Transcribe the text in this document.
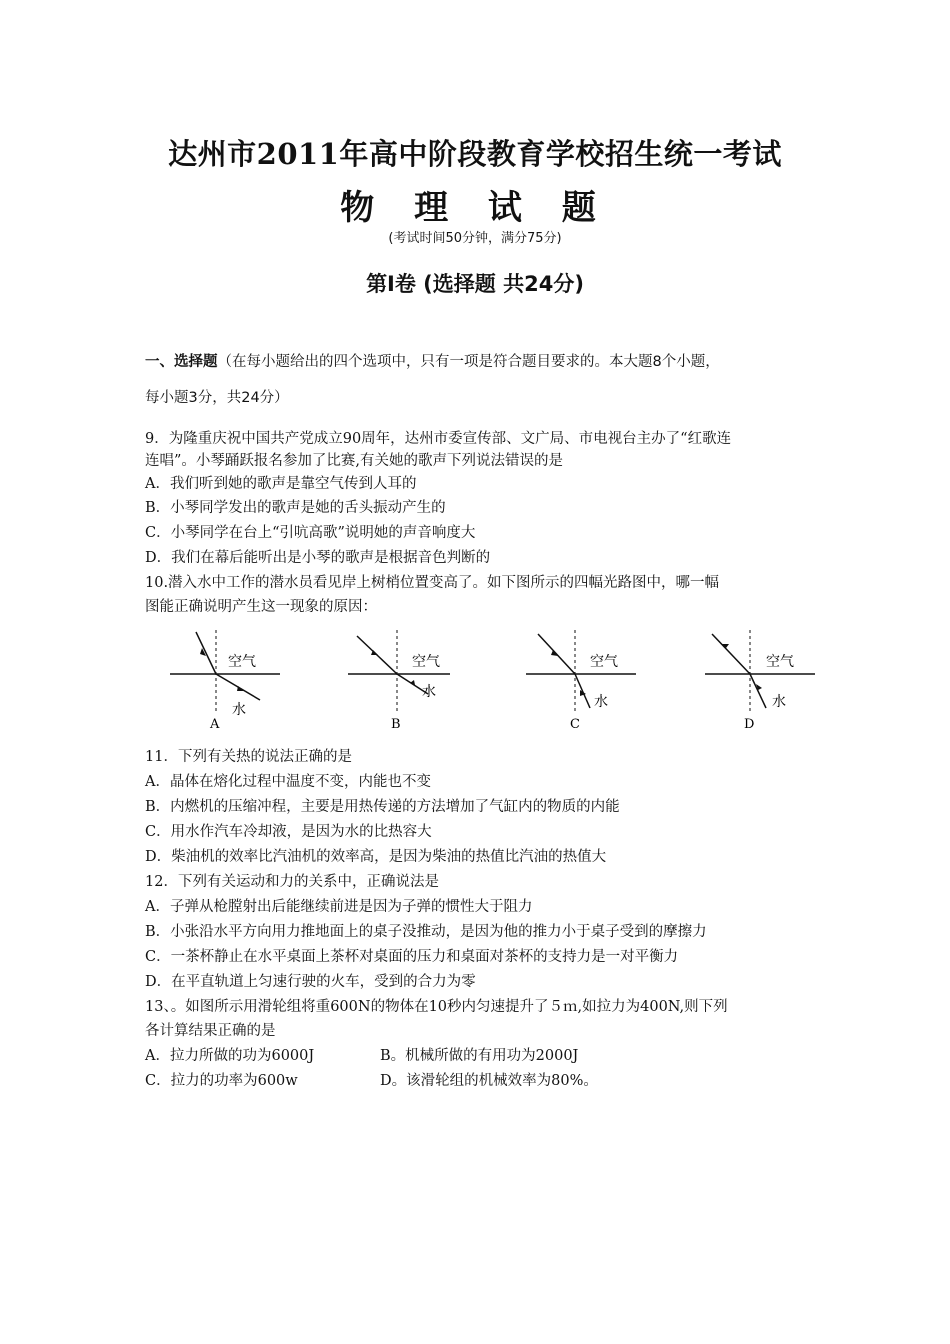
达州市2011年高中阶段教育学校招生统一考试
物 理 试 题
(考试时间50分钟，满分75分)
第Ⅰ卷 (选择题 共24分)
一、选择题（在每小题给出的四个选项中，只有一项是符合题目要求的。本大题8个小题，
每小题3分，共24分）
9．为隆重庆祝中国共产党成立90周年，达州市委宣传部、文广局、市电视台主办了“红歌连
连唱”。小琴踊跃报名参加了比赛,有关她的歌声下列说法错误的是
A．我们听到她的歌声是靠空气传到人耳的
B．小琴同学发出的歌声是她的舌头振动产生的
C．小琴同学在台上“引吭高歌”说明她的声音响度大
D．我们在幕后能听出是小琴的歌声是根据音色判断的
10.潜入水中工作的潜水员看见岸上树梢位置变高了。如下图所示的四幅光路图中，哪一幅
图能正确说明产生这一现象的原因：
空气
水
A
空气
水
B
空气
水
C
空气
水
D
11．下列有关热的说法正确的是
A．晶体在熔化过程中温度不变，内能也不变
B．内燃机的压缩冲程，主要是用热传递的方法增加了气缸内的物质的内能
C．用水作汽车冷却液，是因为水的比热容大
D．柴油机的效率比汽油机的效率高，是因为柴油的热值比汽油的热值大
12．下列有关运动和力的关系中，正确说法是
A．子弹从枪膛射出后能继续前进是因为子弹的惯性大于阻力
B．小张沿水平方向用力推地面上的桌子没推动，是因为他的推力小于桌子受到的摩擦力
C．一茶杯静止在水平桌面上茶杯对桌面的压力和桌面对茶杯的支持力是一对平衡力
D．在平直轨道上匀速行驶的火车，受到的合力为零
13、。如图所示用滑轮组将重600N的物体在10秒内匀速提升了５ｍ,如拉力为400N,则下列
各计算结果正确的是
A．拉力所做的功为6000J	B。机械所做的有用功为2000J
C．拉力的功率为600w	D。该滑轮组的机械效率为80%。
